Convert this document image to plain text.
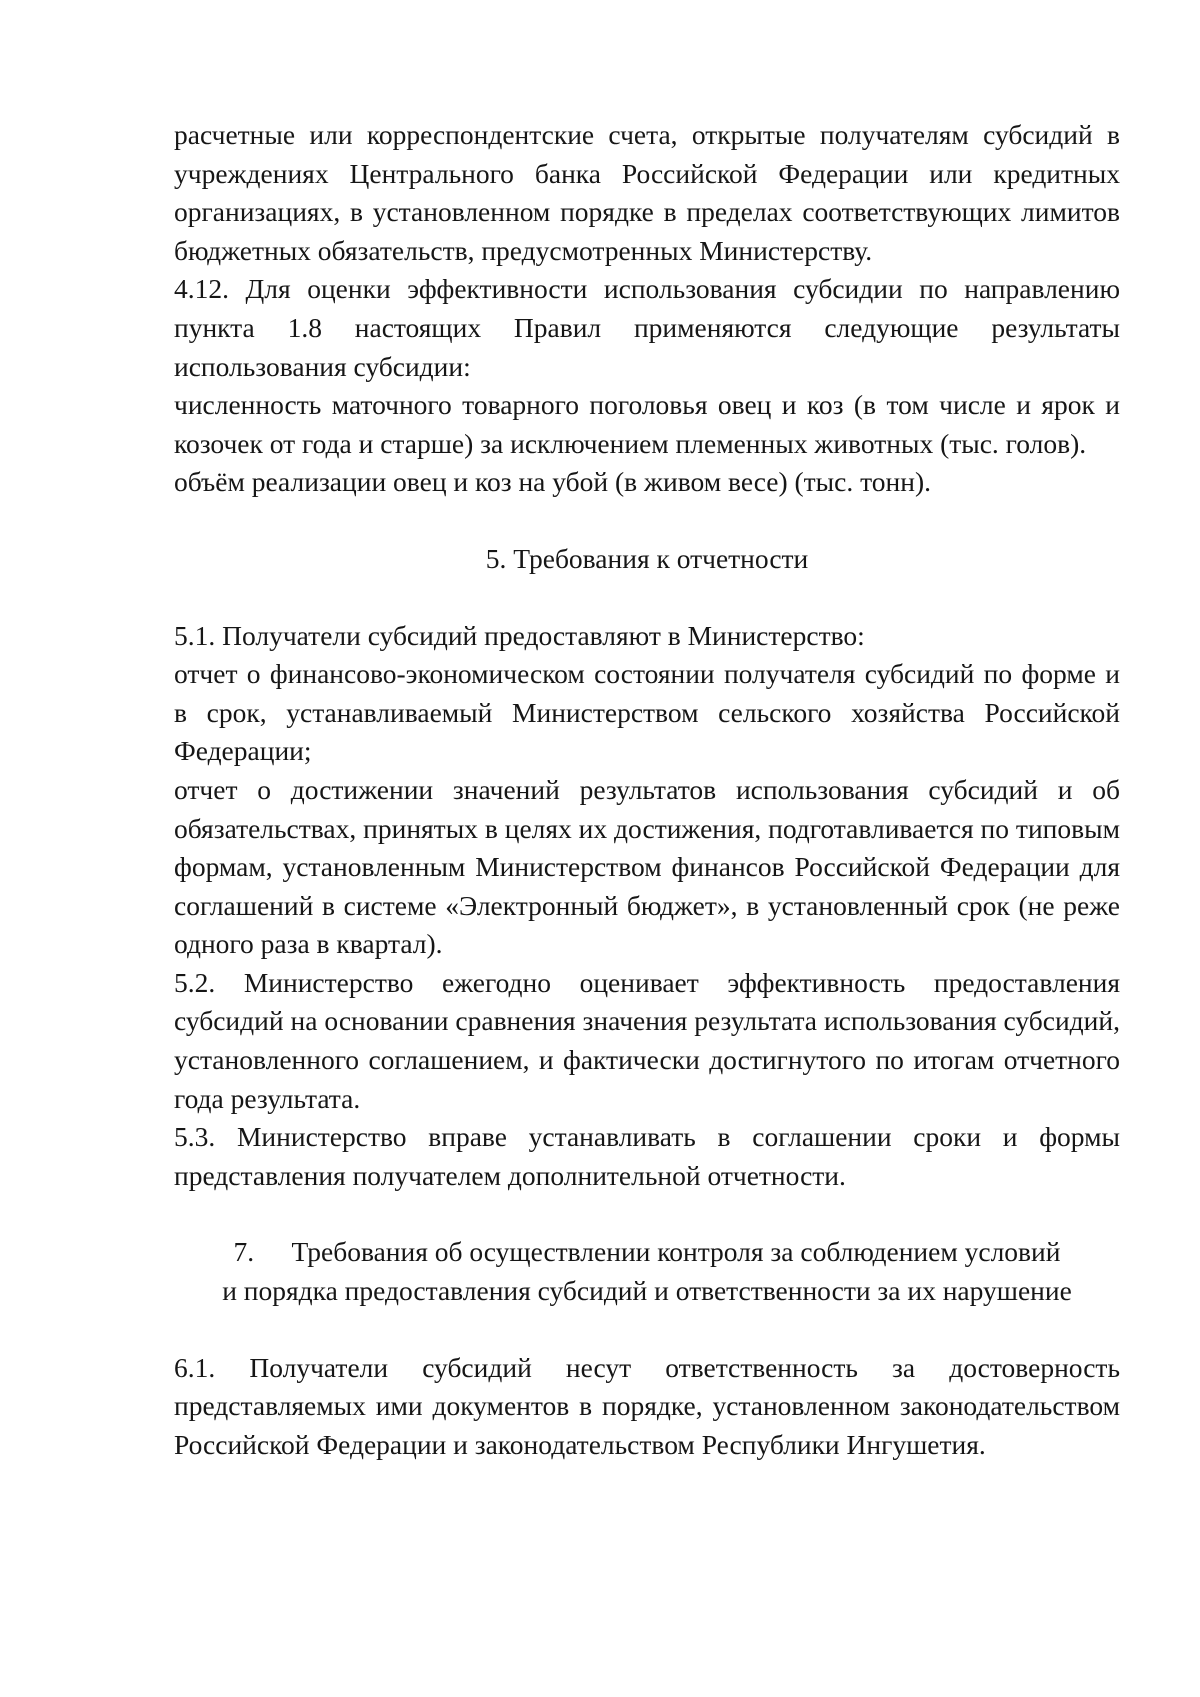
расчетные или корреспондентские счета, открытые получателям субсидий в учреждениях Центрального банка Российской Федерации или кредитных организациях, в установленном порядке в пределах соответствующих лимитов бюджетных обязательств, предусмотренных Министерству.

4.12. Для оценки эффективности использования субсидии по направлению пункта 1.8 настоящих Правил применяются следующие результаты использования субсидии:

численность маточного товарного поголовья овец и коз (в том числе и ярок и козочек от года и старше) за исключением племенных животных (тыс. голов).

объём реализации овец и коз на убой (в живом весе) (тыс. тонн).

5. Требования к отчетности

5.1. Получатели субсидий предоставляют в Министерство:

отчет о финансово-экономическом состоянии получателя субсидий по форме и в срок, устанавливаемый Министерством сельского хозяйства Российской Федерации;

отчет о достижении значений результатов использования субсидий и об обязательствах, принятых в целях их достижения, подготавливается по типовым формам, установленным Министерством финансов Российской Федерации для соглашений в системе «Электронный бюджет», в установленный срок (не реже одного раза в квартал).

5.2. Министерство ежегодно оценивает эффективность предоставления субсидий на основании сравнения значения результата использования субсидий, установленного соглашением, и фактически достигнутого по итогам отчетного года результата.

5.3. Министерство вправе устанавливать в соглашении сроки и формы представления получателем дополнительной отчетности.

7. Требования об осуществлении контроля за соблюдением условий

и порядка предоставления субсидий и ответственности за их нарушение

6.1. Получатели субсидий несут ответственность за достоверность представляемых ими документов в порядке, установленном законодательством Российской Федерации и законодательством Республики Ингушетия.
